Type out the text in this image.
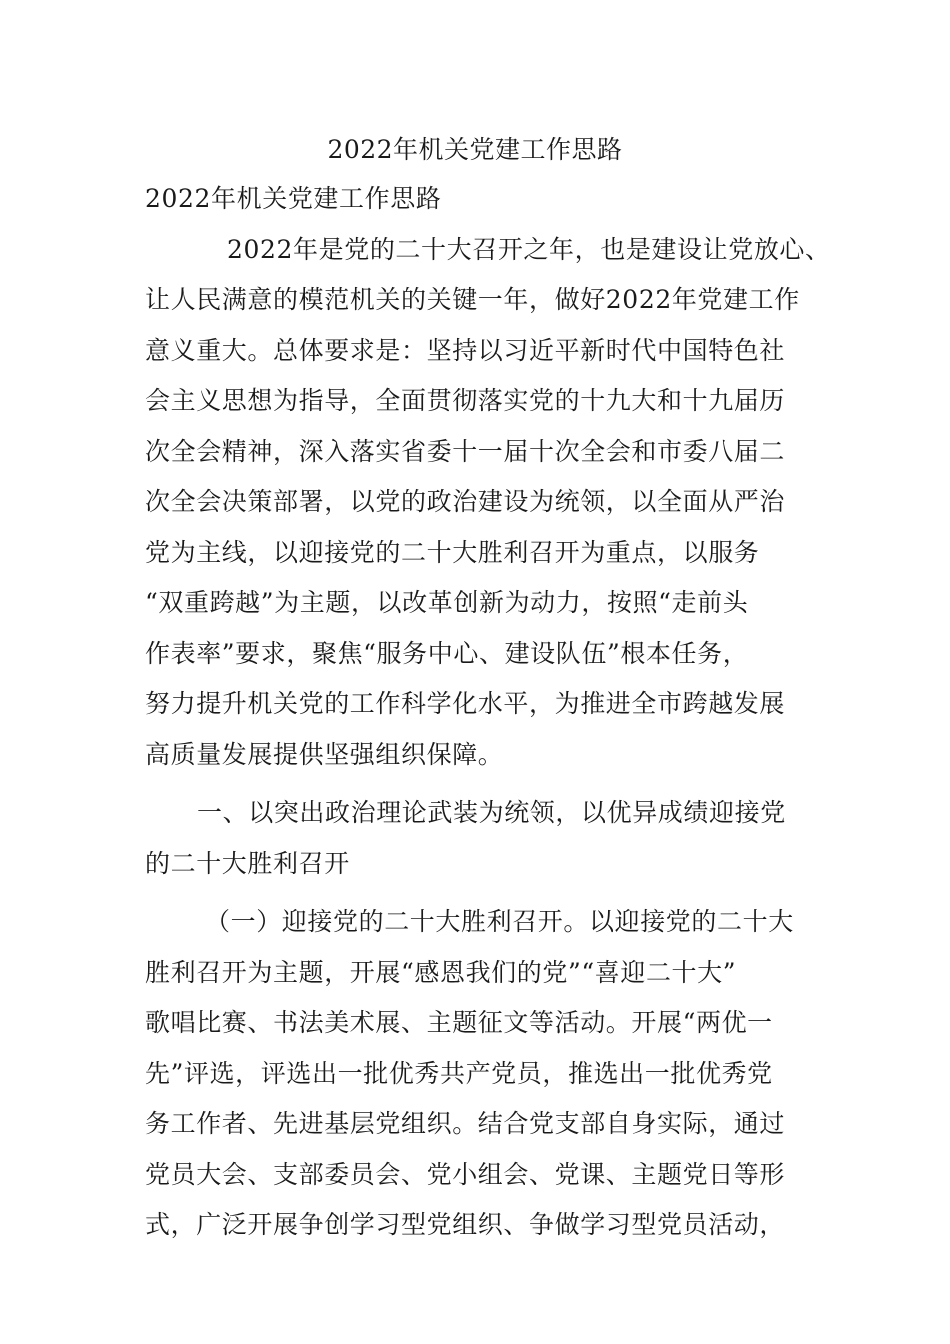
2022年机关党建工作思路
2022年机关党建工作思路
2022年是党的二十大召开之年，也是建设让党放心、
让人民满意的模范机关的关键一年，做好2022年党建工作
意义重大。总体要求是：坚持以习近平新时代中国特色社
会主义思想为指导，全面贯彻落实党的十九大和十九届历
次全会精神，深入落实省委十一届十次全会和市委八届二
次全会决策部署，以党的政治建设为统领，以全面从严治
党为主线，以迎接党的二十大胜利召开为重点，以服务
“双重跨越”为主题，以改革创新为动力，按照“走前头
作表率”要求，聚焦“服务中心、建设队伍”根本任务，
努力提升机关党的工作科学化水平，为推进全市跨越发展
高质量发展提供坚强组织保障。
一、以突出政治理论武装为统领，以优异成绩迎接党
的二十大胜利召开
（一）迎接党的二十大胜利召开。以迎接党的二十大
胜利召开为主题，开展“感恩我们的党”“喜迎二十大”
歌唱比赛、书法美术展、主题征文等活动。开展“两优一
先”评选，评选出一批优秀共产党员，推选出一批优秀党
务工作者、先进基层党组织。结合党支部自身实际，通过
党员大会、支部委员会、党小组会、党课、主题党日等形
式，广泛开展争创学习型党组织、争做学习型党员活动，
